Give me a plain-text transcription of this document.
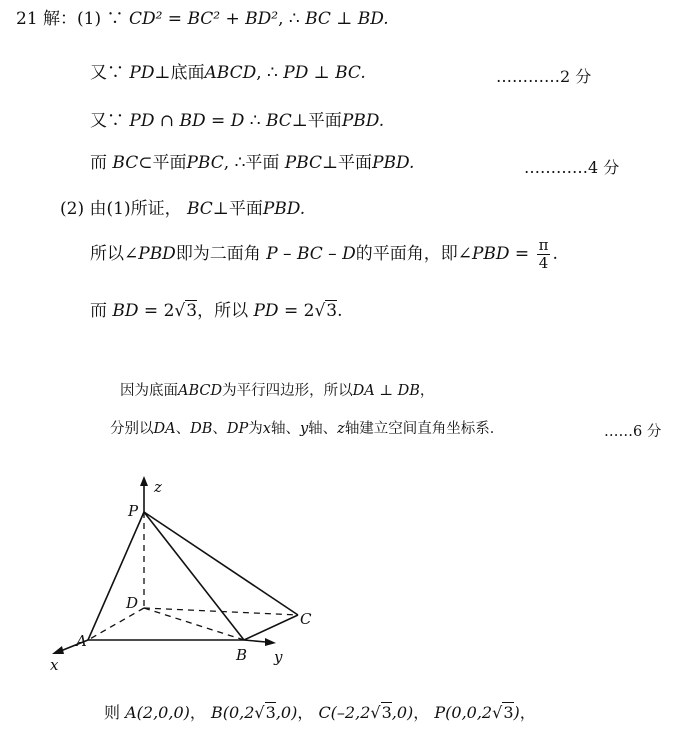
21 解：(1) ∵ CD² = BC² + BD², ∴ BC ⊥ BD.
又∵ PD⊥底面ABCD, ∴ PD ⊥ BC.	…………2 分
又∵ PD ∩ BD = D ∴ BC⊥平面PBD.
而 BC⊂平面PBC, ∴平面 PBC⊥平面PBD.	…………4 分
(2) 由(1)所证， BC⊥平面PBD.
所以∠PBD即为二面角 P – BC – D的平面角，即∠PBD = $\frac{\pi}{4}$ .
而 BD = 2√3，所以 PD = 2√3.
因为底面ABCD为平行四边形，所以DA ⊥ DB，
分别以DA、DB、DP为x轴、y轴、z轴建立空间直角坐标系．	……6 分
P
z
D
C
A
B
x	y
则 A(2,0,0)， B(0,2√3,0)， C(–2,2√3,0)， P(0,0,2√3)，
